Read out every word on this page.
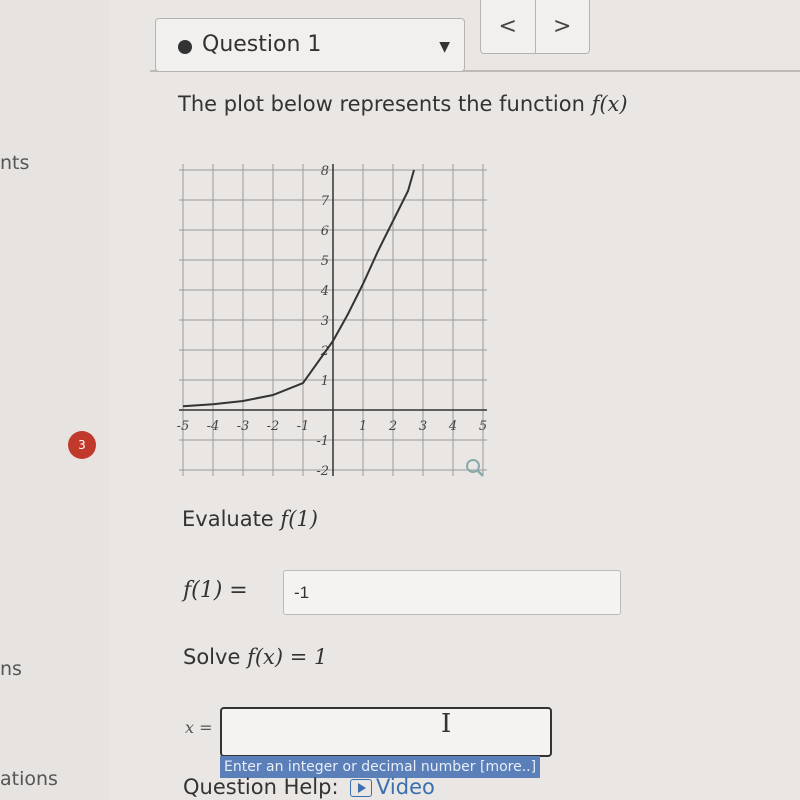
nts
ns
ations
3
Question 1	▼
<	>
The plot below represents the function f(x)
-5 -4 -3 -2 -1	1 2 3 4 5
-2
-1
1
2
3
4
5
6
7
8
Evaluate f(1)
f(1) =
-1
Solve f(x) = 1
x =	I
Enter an integer or decimal number [more..]
Question Help:	Video
